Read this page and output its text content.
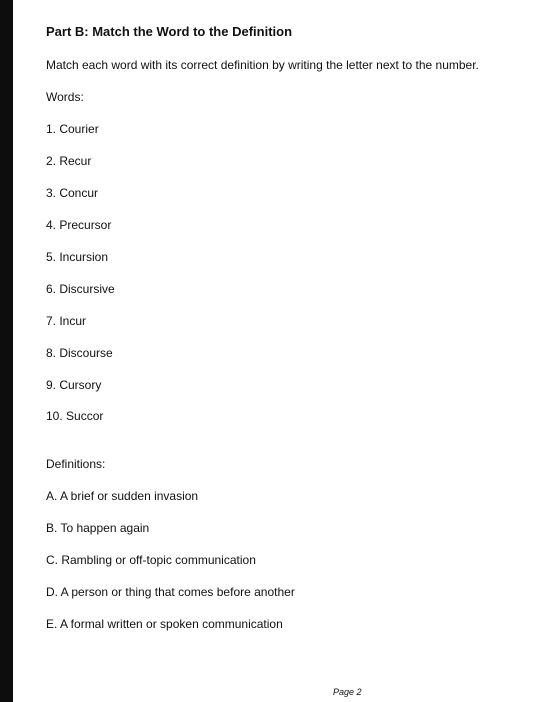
Part B: Match the Word to the Definition
Match each word with its correct definition by writing the letter next to the number.
Words:
1. Courier
2. Recur
3. Concur
4. Precursor
5. Incursion
6. Discursive
7. Incur
8. Discourse
9. Cursory
10. Succor
Definitions:
A. A brief or sudden invasion
B. To happen again
C. Rambling or off-topic communication
D. A person or thing that comes before another
E. A formal written or spoken communication
Page 2
